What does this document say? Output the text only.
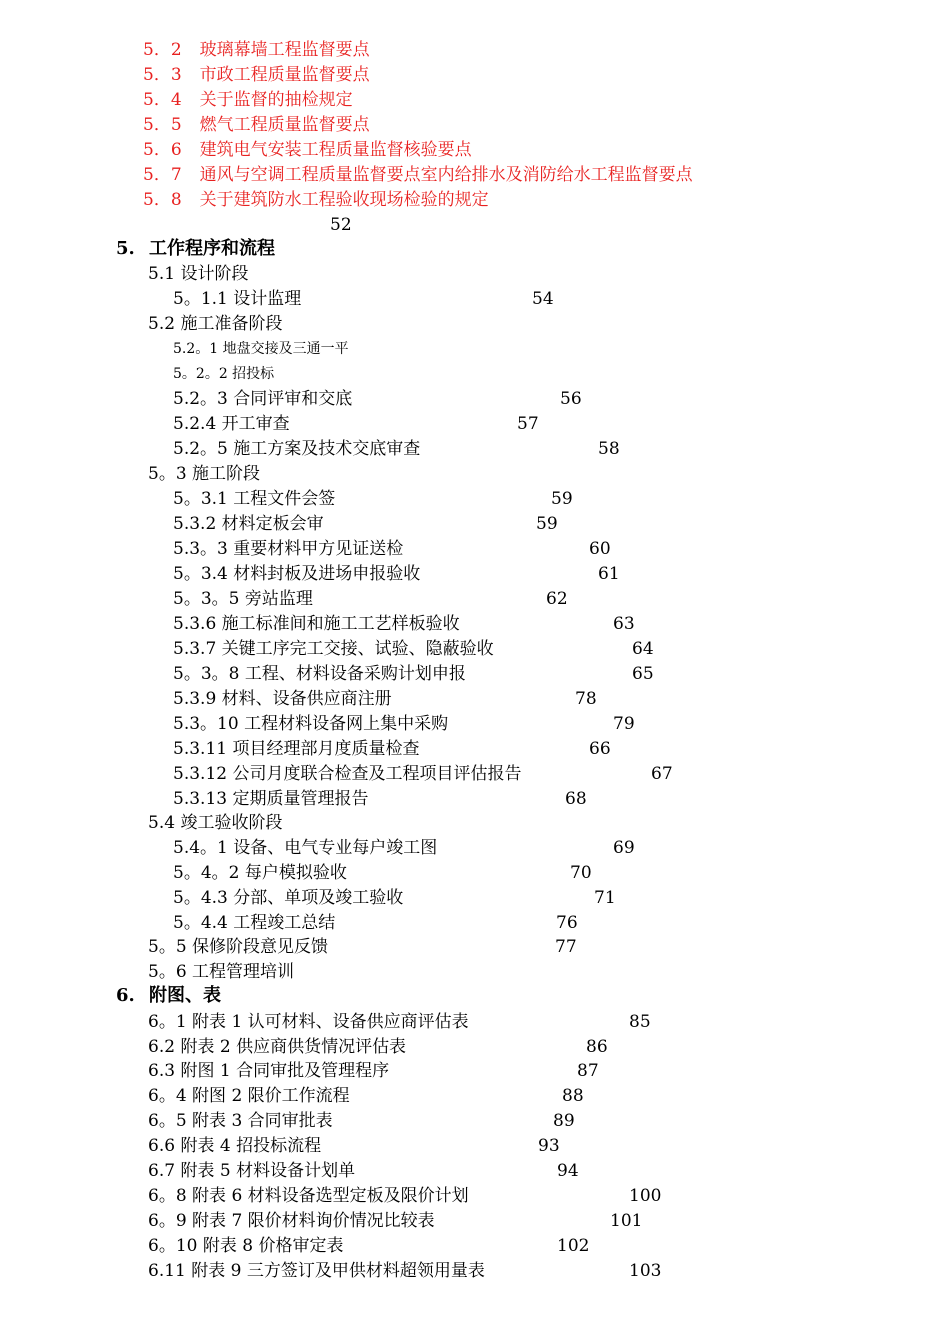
5．2 玻璃幕墙工程监督要点
5．3 市政工程质量监督要点
5．4 关于监督的抽检规定
5．5 燃气工程质量监督要点
5．6 建筑电气安装工程质量监督核验要点
5．7 通风与空调工程质量监督要点室内给排水及消防给水工程监督要点
5．8 关于建筑防水工程验收现场检验的规定
52
5. 工作程序和流程
5.1 设计阶段
5。1.1 设计监理	54
5.2 施工准备阶段
5.2。1 地盘交接及三通一平
5。2。2 招投标
5.2。3 合同评审和交底	56
5.2.4 开工审查	57
5.2。5 施工方案及技术交底审查	58
5。3 施工阶段
5。3.1 工程文件会签	59
5.3.2 材料定板会审	59
5.3。3 重要材料甲方见证送检	60
5。3.4 材料封板及进场申报验收	61
5。3。5 旁站监理	62
5.3.6 施工标准间和施工工艺样板验收	63
5.3.7 关键工序完工交接、试验、隐蔽验收	64
5。3。8 工程、材料设备采购计划申报	65
5.3.9 材料、设备供应商注册	78
5.3。10 工程材料设备网上集中采购	79
5.3.11 项目经理部月度质量检查	66
5.3.12 公司月度联合检查及工程项目评估报告	67
5.3.13 定期质量管理报告	68
5.4 竣工验收阶段
5.4。1 设备、电气专业每户竣工图	69
5。4。2 每户模拟验收	70
5。4.3 分部、单项及竣工验收	71
5。4.4 工程竣工总结	76
5。5 保修阶段意见反馈	77
5。6 工程管理培训
6. 附图、表
6。1 附表 1 认可材料、设备供应商评估表	85
6.2 附表 2 供应商供货情况评估表	86
6.3 附图 1 合同审批及管理程序	87
6。4 附图 2 限价工作流程	88
6。5 附表 3 合同审批表	89
6.6 附表 4 招投标流程	93
6.7 附表 5 材料设备计划单	94
6。8 附表 6 材料设备选型定板及限价计划	100
6。9 附表 7 限价材料询价情况比较表	101
6。10 附表 8 价格审定表	102
6.11 附表 9 三方签订及甲供材料超领用量表	103
